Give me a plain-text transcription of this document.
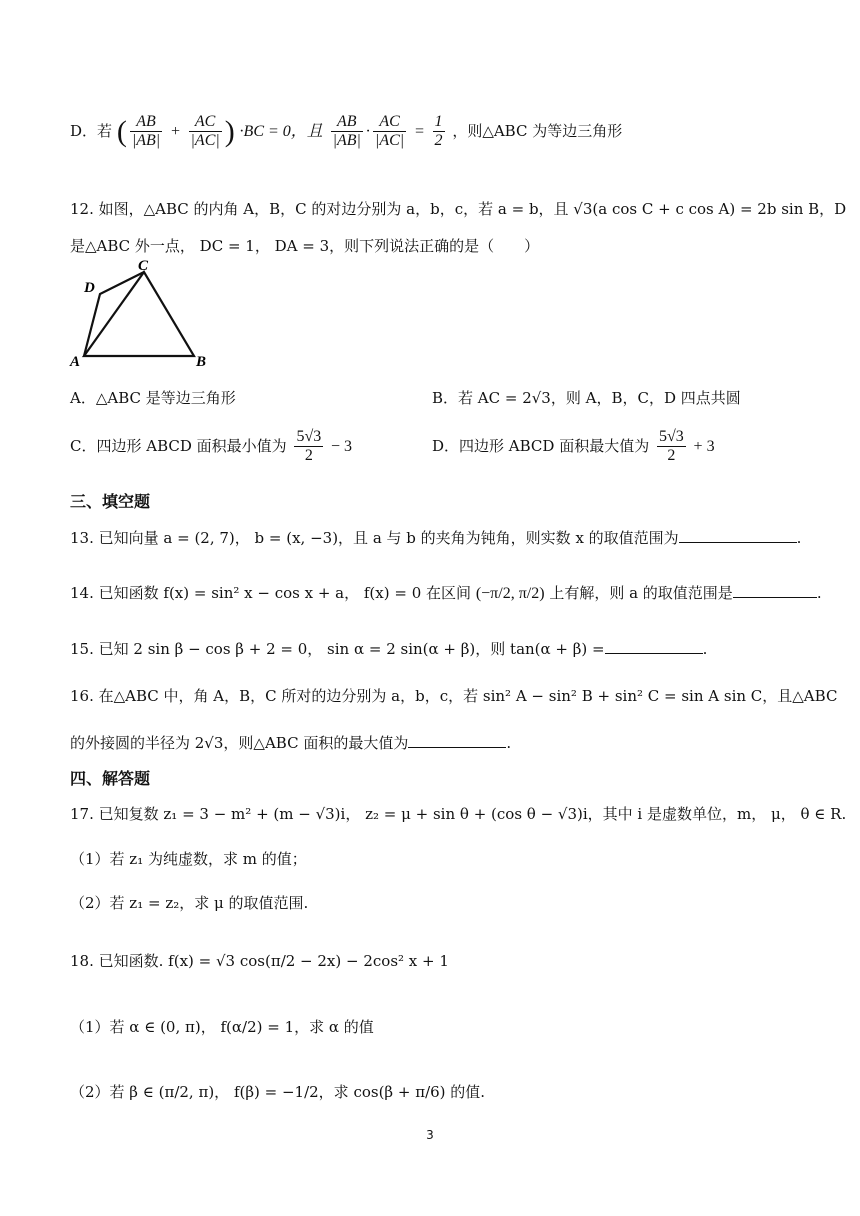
D．若 ( $\frac{AB}{|AB|} + \frac{AC}{|AC|}$ ) ·BC = 0，且 $\frac{AB}{|AB|} \cdot \frac{AC}{|AC|} = \frac{1}{2}$ ，则△ABC 为等边三角形
12. 如图，△ABC 的内角 A，B，C 的对边分别为 a，b，c，若 a = b，且 √3(a cos C + c cos A) = 2b sin B，D
是△ABC 外一点， DC = 1， DA = 3，则下列说法正确的是（　　）
A	B
C
D
A．△ABC 是等边三角形	B．若 AC = 2√3，则 A，B，C，D 四点共圆
C．四边形 ABCD 面积最小值为 $\frac{5√3}{2} - 3$	D．四边形 ABCD 面积最大值为 $\frac{5√3}{2} + 3$
三、填空题
13. 已知向量 a = (2, 7)， b = (x, −3)，且 a 与 b 的夹角为钝角，则实数 x 的取值范围为	.
14. 已知函数 f(x) = sin² x − cos x + a， f(x) = 0 在区间 (−π/2, π/2) 上有解，则 a 的取值范围是	.
15. 已知 2 sin β − cos β + 2 = 0， sin α = 2 sin(α + β)，则 tan(α + β) =	.
16. 在△ABC 中，角 A，B，C 所对的边分别为 a，b，c，若 sin² A − sin² B + sin² C = sin A sin C，且△ABC
的外接圆的半径为 2√3，则△ABC 面积的最大值为	.
四、解答题
17. 已知复数 z₁ = 3 − m² + (m − √3)i， z₂ = μ + sin θ + (cos θ − √3)i，其中 i 是虚数单位，m， μ， θ ∈ R.
（1）若 z₁ 为纯虚数，求 m 的值；
（2）若 z₁ = z₂，求 μ 的取值范围.
18. 已知函数. f(x) = √3 cos(π/2 − 2x) − 2cos² x + 1
（1）若 α ∈ (0, π)， f(α/2) = 1，求 α 的值
（2）若 β ∈ (π/2, π)， f(β) = −1/2，求 cos(β + π/6) 的值.
3
